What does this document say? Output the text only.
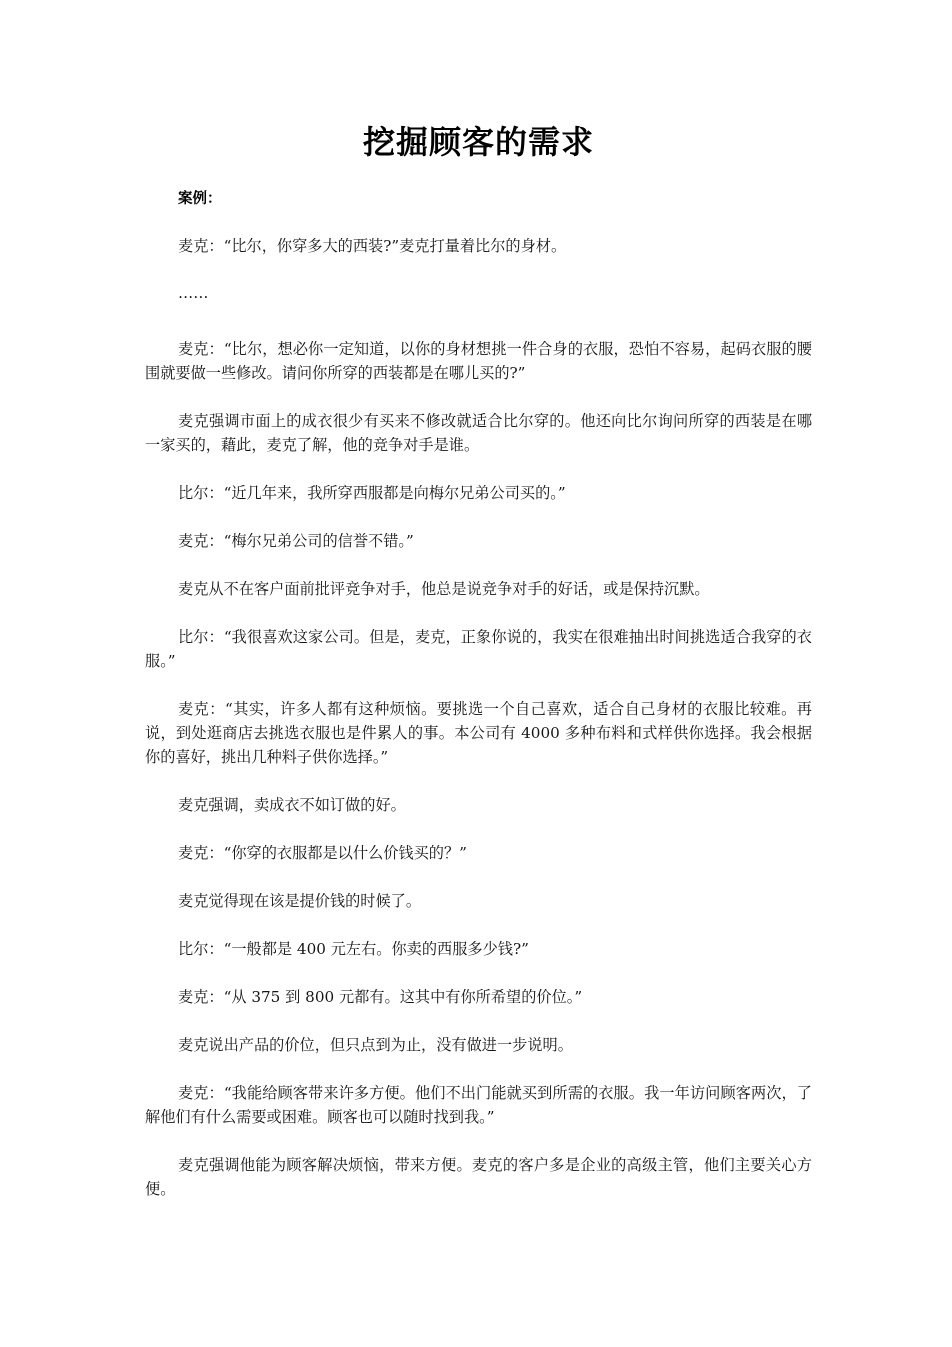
挖掘顾客的需求

案例：

麦克：“比尔，你穿多大的西装?”麦克打量着比尔的身材。

……

麦克：“比尔，想必你一定知道，以你的身材想挑一件合身的衣服，恐怕不容易，起码衣服的腰围就要做一些修改。请问你所穿的西装都是在哪儿买的?”

麦克强调市面上的成衣很少有买来不修改就适合比尔穿的。他还向比尔询问所穿的西装是在哪一家买的，藉此，麦克了解，他的竞争对手是谁。

比尔：“近几年来，我所穿西服都是向梅尔兄弟公司买的。”

麦克：“梅尔兄弟公司的信誉不错。”

麦克从不在客户面前批评竞争对手，他总是说竞争对手的好话，或是保持沉默。

比尔：“我很喜欢这家公司。但是，麦克，正象你说的，我实在很难抽出时间挑选适合我穿的衣服。”

麦克：“其实，许多人都有这种烦恼。要挑选一个自己喜欢，适合自己身材的衣服比较难。再说，到处逛商店去挑选衣服也是件累人的事。本公司有 4000 多种布料和式样供你选择。我会根据你的喜好，挑出几种料子供你选择。”

麦克强调，卖成衣不如订做的好。

麦克：“你穿的衣服都是以什么价钱买的？”

麦克觉得现在该是提价钱的时候了。

比尔：“一般都是 400 元左右。你卖的西服多少钱?”

麦克：“从 375 到 800 元都有。这其中有你所希望的价位。”

麦克说出产品的价位，但只点到为止，没有做进一步说明。

麦克：“我能给顾客带来许多方便。他们不出门能就买到所需的衣服。我一年访问顾客两次，了解他们有什么需要或困难。顾客也可以随时找到我。”

麦克强调他能为顾客解决烦恼，带来方便。麦克的客户多是企业的高级主管，他们主要关心方便。
